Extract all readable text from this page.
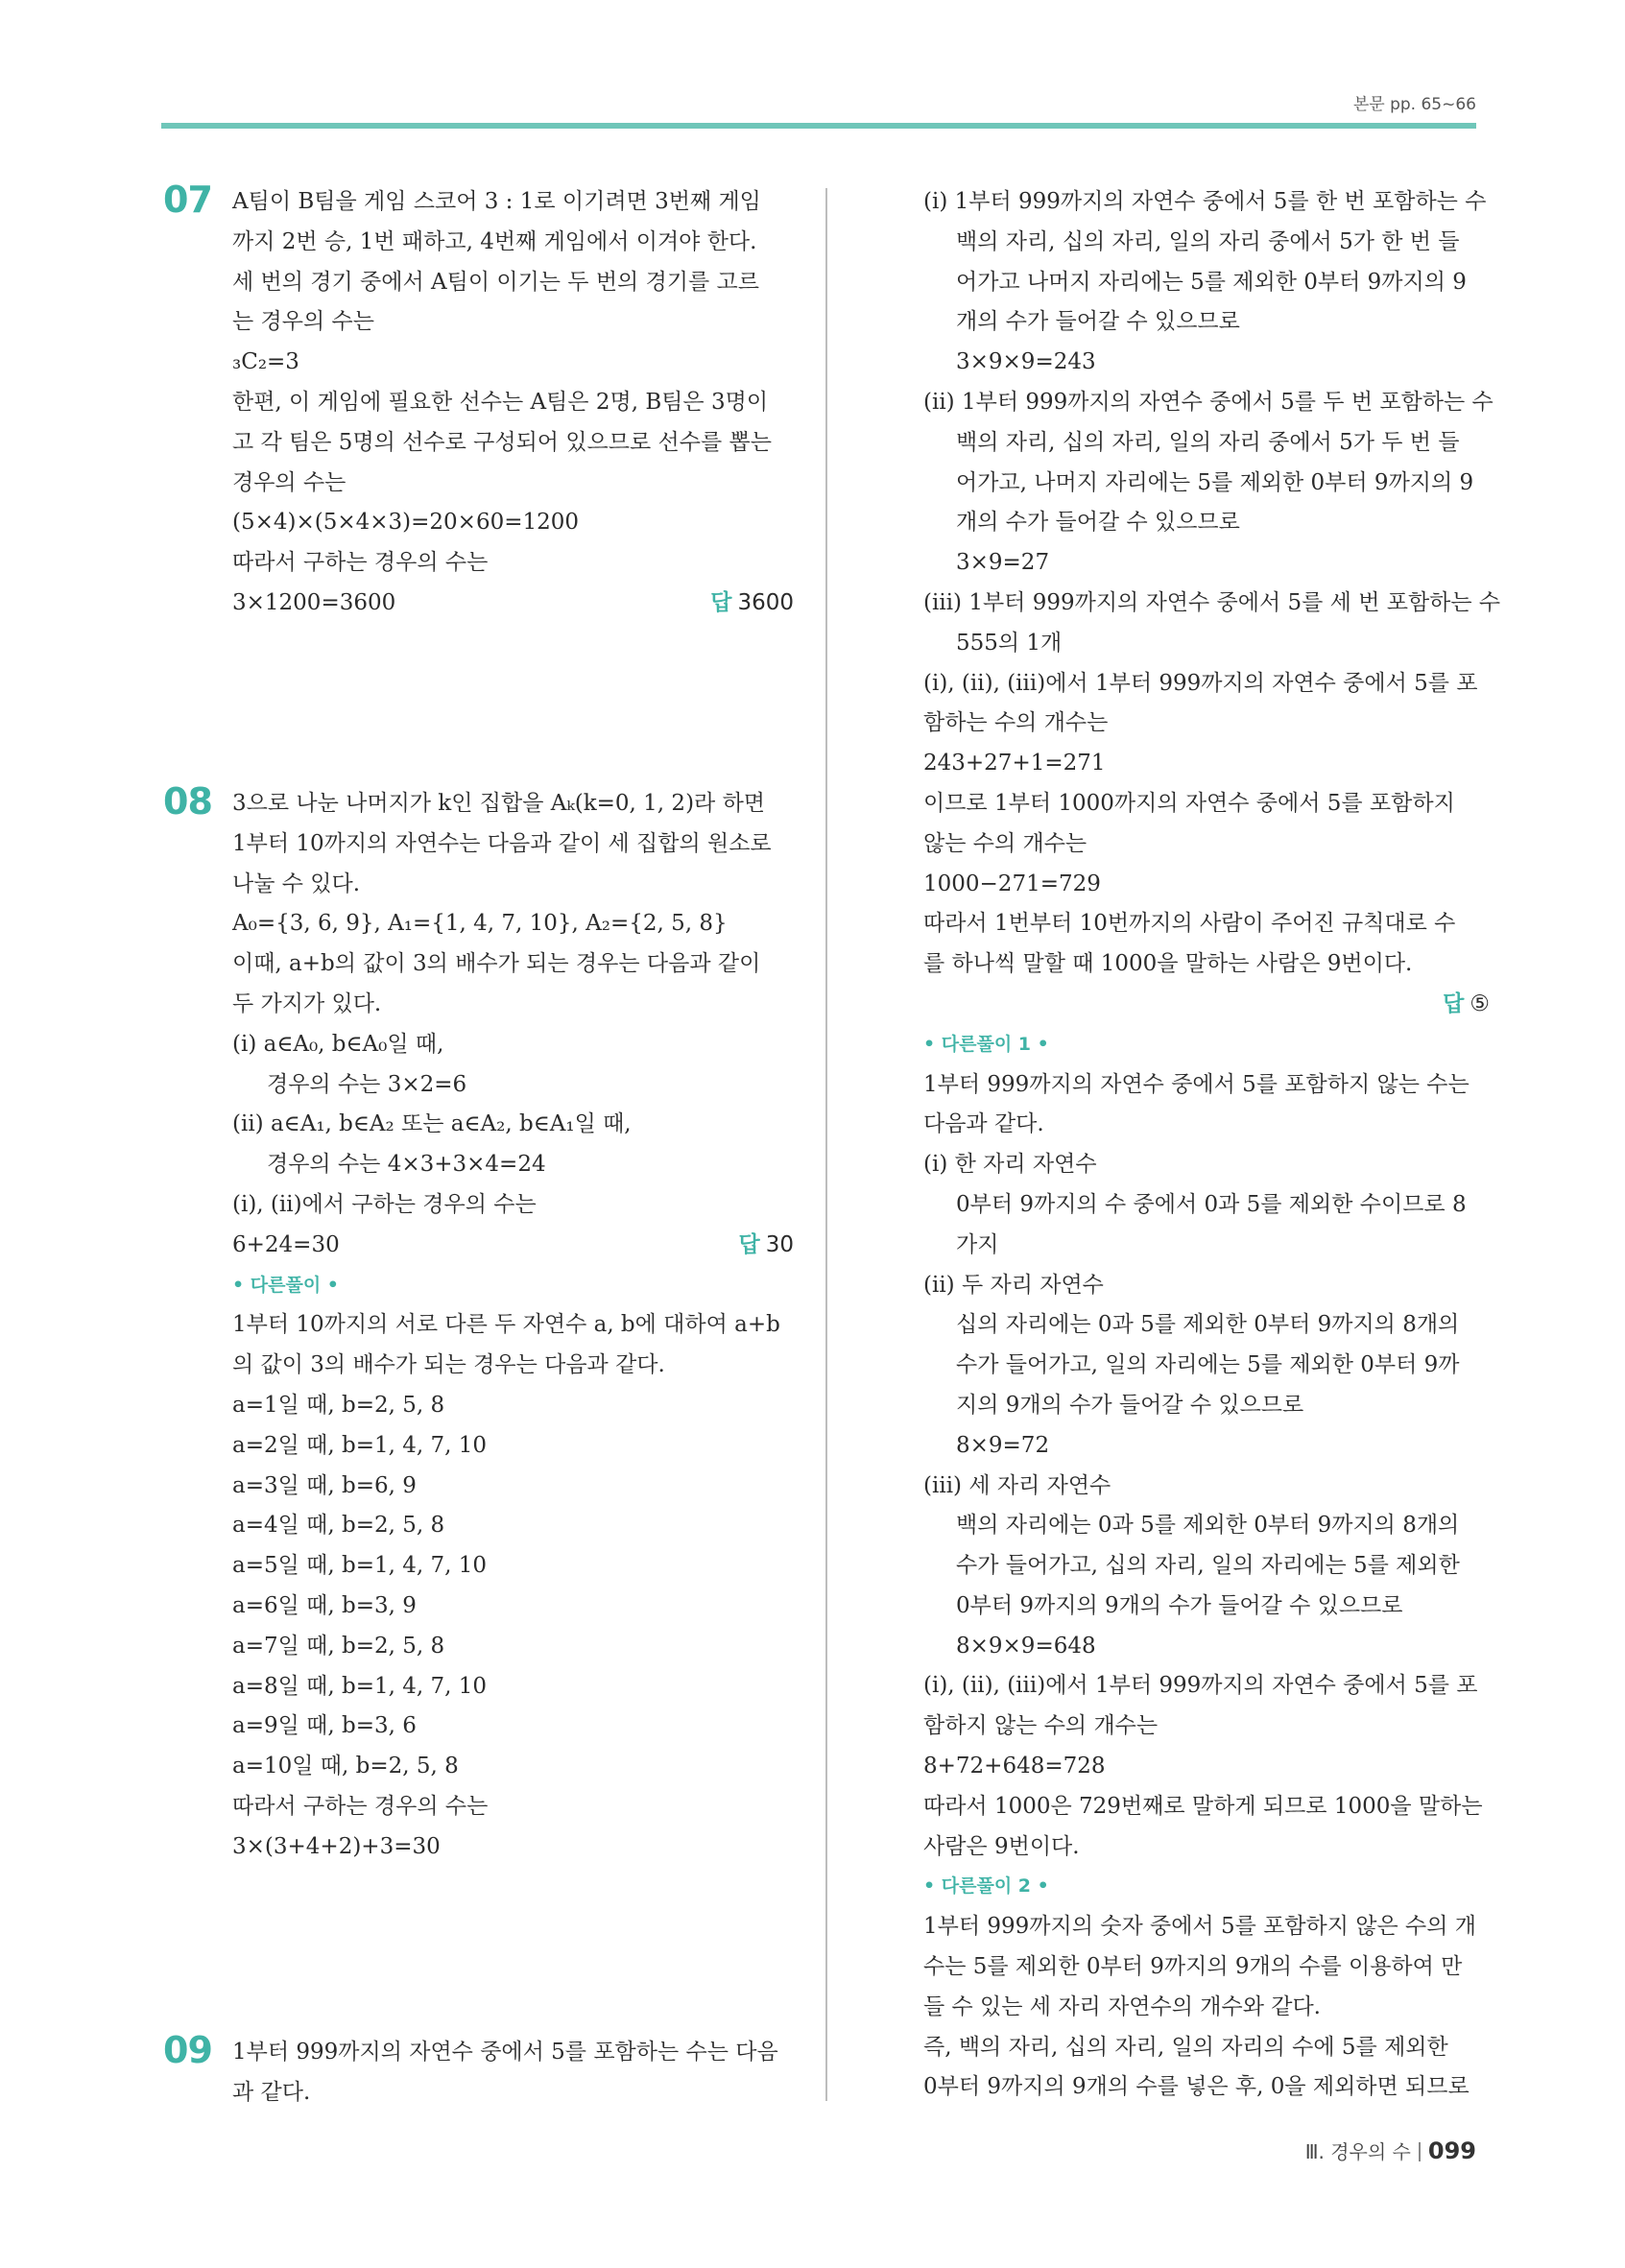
본문 pp. 65~66
07 A팀이 B팀을 게임 스코어 3 : 1로 이기려면 3번째 게임
까지 2번 승, 1번 패하고, 4번째 게임에서 이겨야 한다.
세 번의 경기 중에서 A팀이 이기는 두 번의 경기를 고르
는 경우의 수는
₃C₂=3
한편, 이 게임에 필요한 선수는 A팀은 2명, B팀은 3명이
고 각 팀은 5명의 선수로 구성되어 있으므로 선수를 뽑는
경우의 수는
(5×4)×(5×4×3)=20×60=1200
따라서 구하는 경우의 수는
3×1200=3600	답 3600
08 3으로 나눈 나머지가 k인 집합을 Aₖ(k=0, 1, 2)라 하면
1부터 10까지의 자연수는 다음과 같이 세 집합의 원소로
나눌 수 있다.
A₀={3, 6, 9}, A₁={1, 4, 7, 10}, A₂={2, 5, 8}
이때, a+b의 값이 3의 배수가 되는 경우는 다음과 같이
두 가지가 있다.
(ⅰ) a∈A₀, b∈A₀일 때,
경우의 수는 3×2=6
(ⅱ) a∈A₁, b∈A₂ 또는 a∈A₂, b∈A₁일 때,
경우의 수는 4×3+3×4=24
(ⅰ), (ⅱ)에서 구하는 경우의 수는
6+24=30	답 30
• 다른풀이 •
1부터 10까지의 서로 다른 두 자연수 a, b에 대하여 a+b
의 값이 3의 배수가 되는 경우는 다음과 같다.
a=1일 때, b=2, 5, 8
a=2일 때, b=1, 4, 7, 10
a=3일 때, b=6, 9
a=4일 때, b=2, 5, 8
a=5일 때, b=1, 4, 7, 10
a=6일 때, b=3, 9
a=7일 때, b=2, 5, 8
a=8일 때, b=1, 4, 7, 10
a=9일 때, b=3, 6
a=10일 때, b=2, 5, 8
따라서 구하는 경우의 수는
3×(3+4+2)+3=30
09 1부터 999까지의 자연수 중에서 5를 포함하는 수는 다음
과 같다.
(ⅰ) 1부터 999까지의 자연수 중에서 5를 한 번 포함하는 수
백의 자리, 십의 자리, 일의 자리 중에서 5가 한 번 들
어가고 나머지 자리에는 5를 제외한 0부터 9까지의 9
개의 수가 들어갈 수 있으므로
3×9×9=243
(ⅱ) 1부터 999까지의 자연수 중에서 5를 두 번 포함하는 수
백의 자리, 십의 자리, 일의 자리 중에서 5가 두 번 들
어가고, 나머지 자리에는 5를 제외한 0부터 9까지의 9
개의 수가 들어갈 수 있으므로
3×9=27
(ⅲ) 1부터 999까지의 자연수 중에서 5를 세 번 포함하는 수
555의 1개
(ⅰ), (ⅱ), (ⅲ)에서 1부터 999까지의 자연수 중에서 5를 포
함하는 수의 개수는
243+27+1=271
이므로 1부터 1000까지의 자연수 중에서 5를 포함하지
않는 수의 개수는
1000−271=729
따라서 1번부터 10번까지의 사람이 주어진 규칙대로 수
를 하나씩 말할 때 1000을 말하는 사람은 9번이다.
답 ⑤

• 다른풀이 1 •
1부터 999까지의 자연수 중에서 5를 포함하지 않는 수는
다음과 같다.
(ⅰ) 한 자리 자연수
0부터 9까지의 수 중에서 0과 5를 제외한 수이므로 8
가지
(ⅱ) 두 자리 자연수
십의 자리에는 0과 5를 제외한 0부터 9까지의 8개의
수가 들어가고, 일의 자리에는 5를 제외한 0부터 9까
지의 9개의 수가 들어갈 수 있으므로
8×9=72
(ⅲ) 세 자리 자연수
백의 자리에는 0과 5를 제외한 0부터 9까지의 8개의
수가 들어가고, 십의 자리, 일의 자리에는 5를 제외한
0부터 9까지의 9개의 수가 들어갈 수 있으므로
8×9×9=648
(ⅰ), (ⅱ), (ⅲ)에서 1부터 999까지의 자연수 중에서 5를 포
함하지 않는 수의 개수는
8+72+648=728
따라서 1000은 729번째로 말하게 되므로 1000을 말하는
사람은 9번이다.
• 다른풀이 2 •
1부터 999까지의 숫자 중에서 5를 포함하지 않은 수의 개
수는 5를 제외한 0부터 9까지의 9개의 수를 이용하여 만
들 수 있는 세 자리 자연수의 개수와 같다.
즉, 백의 자리, 십의 자리, 일의 자리의 수에 5를 제외한
0부터 9까지의 9개의 수를 넣은 후, 0을 제외하면 되므로
Ⅲ. 경우의 수 099
